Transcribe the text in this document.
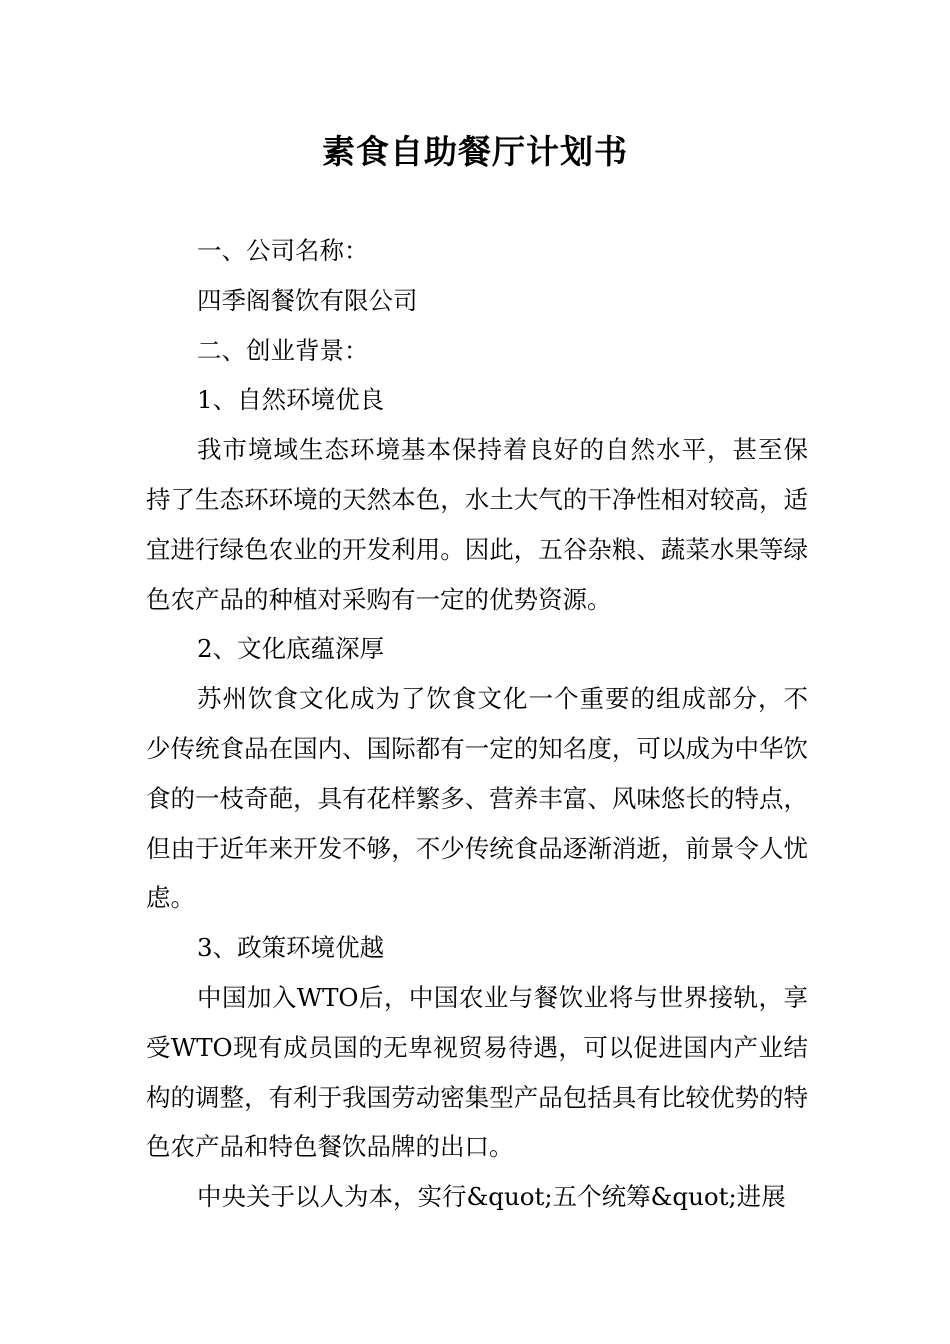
素食自助餐厅计划书

一、公司名称：

四季阁餐饮有限公司

二、创业背景：

1、自然环境优良

我市境域生态环境基本保持着良好的自然水平，甚至保持了生态环环境的天然本色，水土大气的干净性相对较高，适宜进行绿色农业的开发利用。因此，五谷杂粮、蔬菜水果等绿色农产品的种植对采购有一定的优势资源。

2、文化底蕴深厚

苏州饮食文化成为了饮食文化一个重要的组成部分，不少传统食品在国内、国际都有一定的知名度，可以成为中华饮食的一枝奇葩，具有花样繁多、营养丰富、风味悠长的特点，但由于近年来开发不够，不少传统食品逐渐消逝，前景令人忧虑。

3、政策环境优越

中国加入WTO后，中国农业与餐饮业将与世界接轨，享受WTO现有成员国的无卑视贸易待遇，可以促进国内产业结构的调整，有利于我国劳动密集型产品包括具有比较优势的特色农产品和特色餐饮品牌的出口。

中央关于以人为本，实行&quot;五个统筹&quot;进展
